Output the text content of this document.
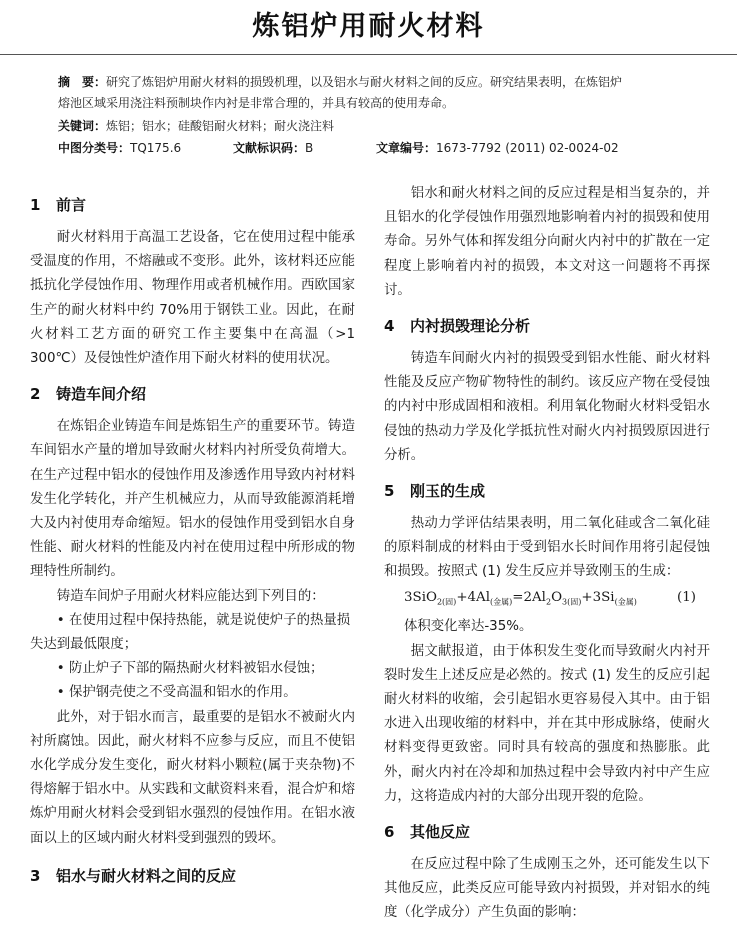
炼铝炉用耐火材料
摘　要：研究了炼铝炉用耐火材料的损毁机理，以及铝水与耐火材料之间的反应。研究结果表明，在炼铝炉
熔池区域采用浇注料预制块作内衬是非常合理的，并具有较高的使用寿命。
关键词：炼铝；铝水；硅酸铝耐火材料；耐火浇注料
中图分类号：TQ175.6	文献标识码：B	文章编号：1673-7792 (2011) 02-0024-02
1 前言

耐火材料用于高温工艺设备，它在使用过程中能承受温度的作用，不熔融或不变形。此外，该材料还应能抵抗化学侵蚀作用、物理作用或者机械作用。西欧国家生产的耐火材料中约 70%用于钢铁工业。因此，在耐火材料工艺方面的研究工作主要集中在高温（>1 300℃）及侵蚀性炉渣作用下耐火材料的使用状况。

2 铸造车间介绍

在炼铝企业铸造车间是炼铝生产的重要环节。铸造车间铝水产量的增加导致耐火材料内衬所受负荷增大。在生产过程中铝水的侵蚀作用及渗透作用导致内衬材料发生化学转化，并产生机械应力，从而导致能源消耗增大及内衬使用寿命缩短。铝水的侵蚀作用受到铝水自身性能、耐火材料的性能及内衬在使用过程中所形成的物理特性所制约。

铸造车间炉子用耐火材料应能达到下列目的：

• 在使用过程中保持热能，就是说使炉子的热量损失达到最低限度；

• 防止炉子下部的隔热耐火材料被铝水侵蚀；

• 保护钢壳使之不受高温和铝水的作用。

此外，对于铝水而言，最重要的是铝水不被耐火内衬所腐蚀。因此，耐火材料不应参与反应，而且不使铝水化学成分发生变化，耐火材料小颗粒(属于夹杂物)不得熔解于铝水中。从实践和文献资料来看，混合炉和熔炼炉用耐火材料会受到铝水强烈的侵蚀作用。在铝水液面以上的区域内耐火材料受到强烈的毁坏。

3 铝水与耐火材料之间的反应

铝水和耐火材料之间的反应过程是相当复杂的，并且铝水的化学侵蚀作用强烈地影响着内衬的损毁和使用寿命。另外气体和挥发组分向耐火内衬中的扩散在一定程度上影响着内衬的损毁，本文对这一问题将不再探讨。

4 内衬损毁理论分析

铸造车间耐火内衬的损毁受到铝水性能、耐火材料性能及反应产物矿物特性的制约。该反应产物在受侵蚀的内衬中形成固相和液相。利用氧化物耐火材料受铝水侵蚀的热动力学及化学抵抗性对耐火内衬损毁原因进行分析。

5 刚玉的生成

热动力学评估结果表明，用二氧化硅或含二氧化硅的原料制成的材料由于受到铝水长时间作用将引起侵蚀和损毁。按照式 (1) 发生反应并导致刚玉的生成：

$3SiO_{2(固)}+4Al_{(金属)}=2Al_2O_{3(固)}+3Si_{(金属)}$	(1)

体积变化率达-35%。

据文献报道，由于体积发生变化而导致耐火内衬开裂时发生上述反应是必然的。按式 (1) 发生的反应引起耐火材料的收缩，会引起铝水更容易侵入其中。由于铝水进入出现收缩的材料中，并在其中形成脉络，使耐火材料变得更致密。同时具有较高的强度和热膨胀。此外，耐火内衬在冷却和加热过程中会导致内衬中产生应力，这将造成内衬的大部分出现开裂的危险。

6 其他反应

在反应过程中除了生成刚玉之外，还可能发生以下其他反应，此类反应可能导致内衬损毁，并对铝水的纯度（化学成分）产生负面的影响：
